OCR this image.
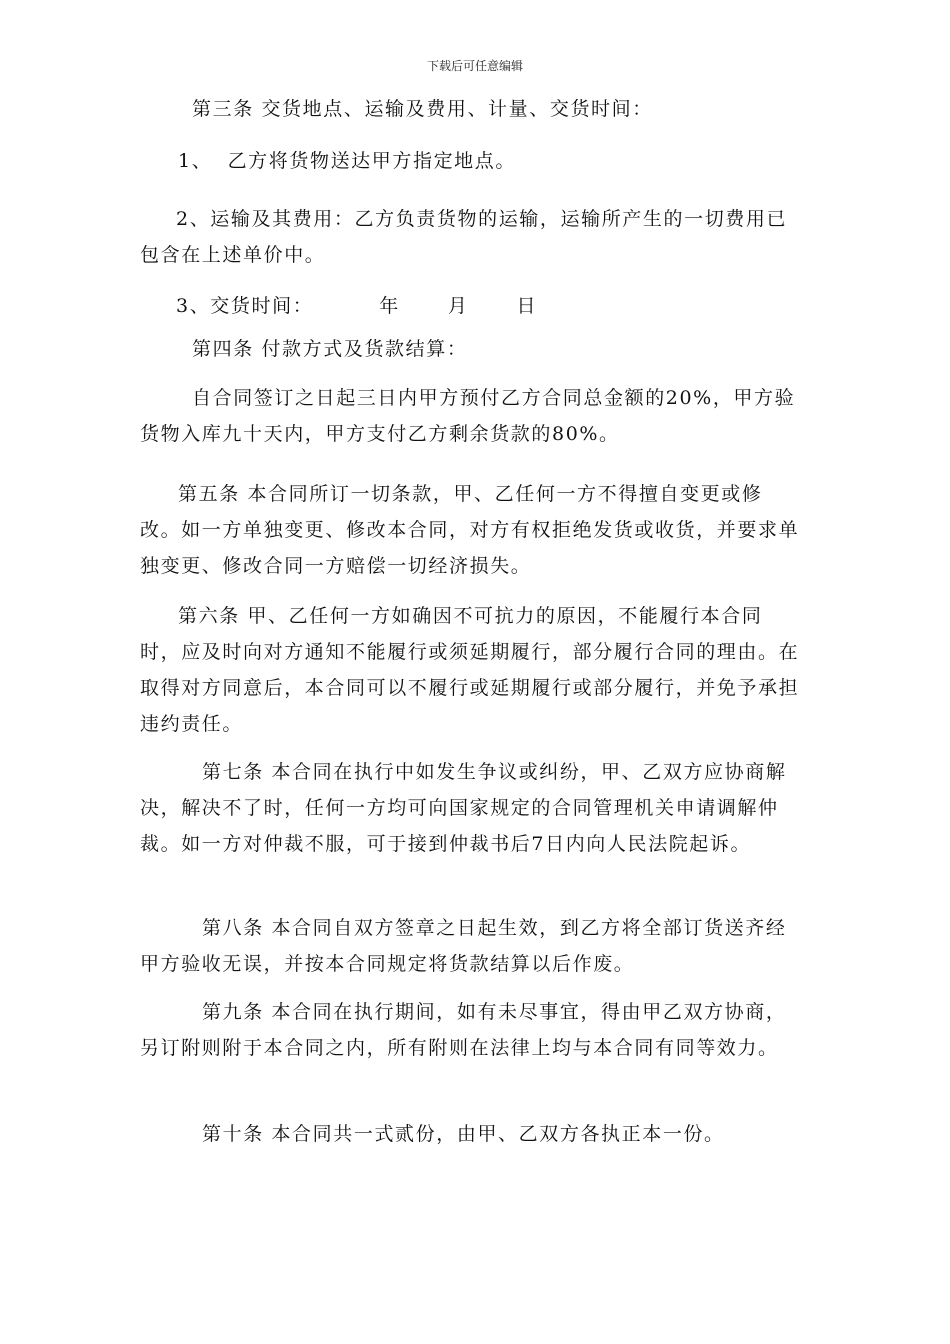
下载后可任意编辑

第三条 交货地点、运输及费用、计量、交货时间：

1、  乙方将货物送达甲方指定地点。

2、运输及其费用：乙方负责货物的运输，运输所产生的一切费用已包含在上述单价中。

3、交货时间：	年	月	日

第四条 付款方式及货款结算：

自合同签订之日起三日内甲方预付乙方合同总金额的20%，甲方验货物入库九十天内，甲方支付乙方剩余货款的80%。

第五条 本合同所订一切条款，甲、乙任何一方不得擅自变更或修改。如一方单独变更、修改本合同，对方有权拒绝发货或收货，并要求单独变更、修改合同一方赔偿一切经济损失。

第六条 甲、乙任何一方如确因不可抗力的原因，不能履行本合同时，应及时向对方通知不能履行或须延期履行，部分履行合同的理由。在取得对方同意后，本合同可以不履行或延期履行或部分履行，并免予承担违约责任。

第七条 本合同在执行中如发生争议或纠纷，甲、乙双方应协商解决，解决不了时，任何一方均可向国家规定的合同管理机关申请调解仲裁。如一方对仲裁不服，可于接到仲裁书后7日内向人民法院起诉。

第八条 本合同自双方签章之日起生效，到乙方将全部订货送齐经甲方验收无误，并按本合同规定将货款结算以后作废。

第九条 本合同在执行期间，如有未尽事宜，得由甲乙双方协商，另订附则附于本合同之内，所有附则在法律上均与本合同有同等效力。

第十条 本合同共一式贰份，由甲、乙双方各执正本一份。
